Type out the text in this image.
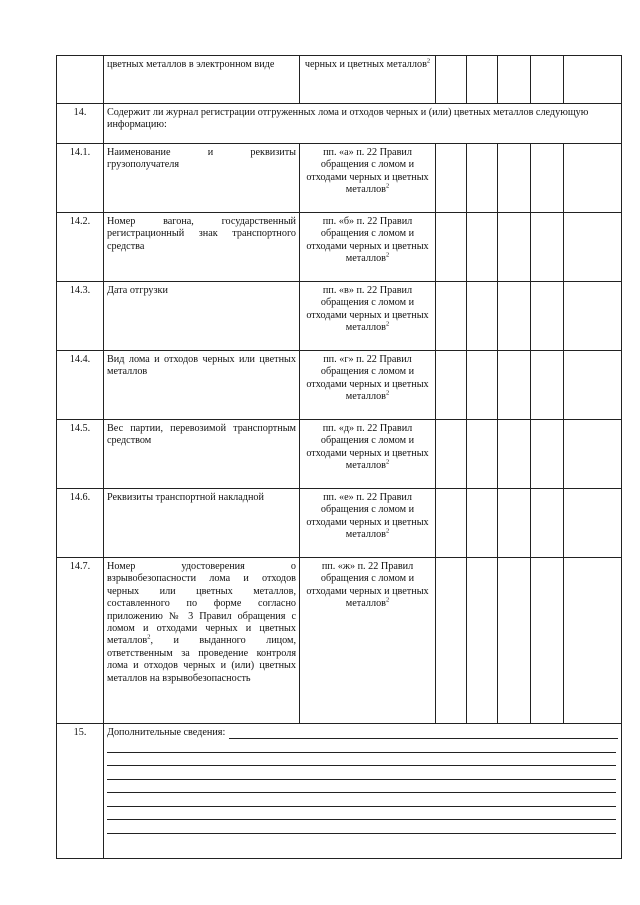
	цветных металлов в электронном виде	черных и цветных металлов$^2$					
14.	Содержит ли журнал регистрации отгруженных лома и отходов черных и (или) цветных металлов следующую информацию:						
14.1.	Наименование и реквизиты грузополучателя	пп. «а» п. 22 Правил обращения с ломом и отходами черных и цветных металлов$^2$					
14.2.	Номер вагона, государственный регистрационный знак транспортного средства	пп. «б» п. 22 Правил обращения с ломом и отходами черных и цветных металлов$^2$					
14.3.	Дата отгрузки	пп. «в» п. 22 Правил обращения с ломом и отходами черных и цветных металлов$^2$					
14.4.	Вид лома и отходов черных или цветных металлов	пп. «г» п. 22 Правил обращения с ломом и отходами черных и цветных металлов$^2$					
14.5.	Вес партии, перевозимой транспортным средством	пп. «д» п. 22 Правил обращения с ломом и отходами черных и цветных металлов$^2$					
14.6.	Реквизиты транспортной накладной	пп. «е» п. 22 Правил обращения с ломом и отходами черных и цветных металлов$^2$					
14.7.	Номер удостоверения о взрывобезопасности лома и отходов черных или цветных металлов, составленного по форме согласно приложению № 3 Правил обращения с ломом и отходами черных и цветных металлов$^2$, и выданного лицом, ответственным за проведение контроля лома и отходов черных и (или) цветных металлов на взрывобезопасность	пп. «ж» п. 22 Правил обращения с ломом и отходами черных и цветных металлов$^2$					
15.	Дополнительные сведения:						
